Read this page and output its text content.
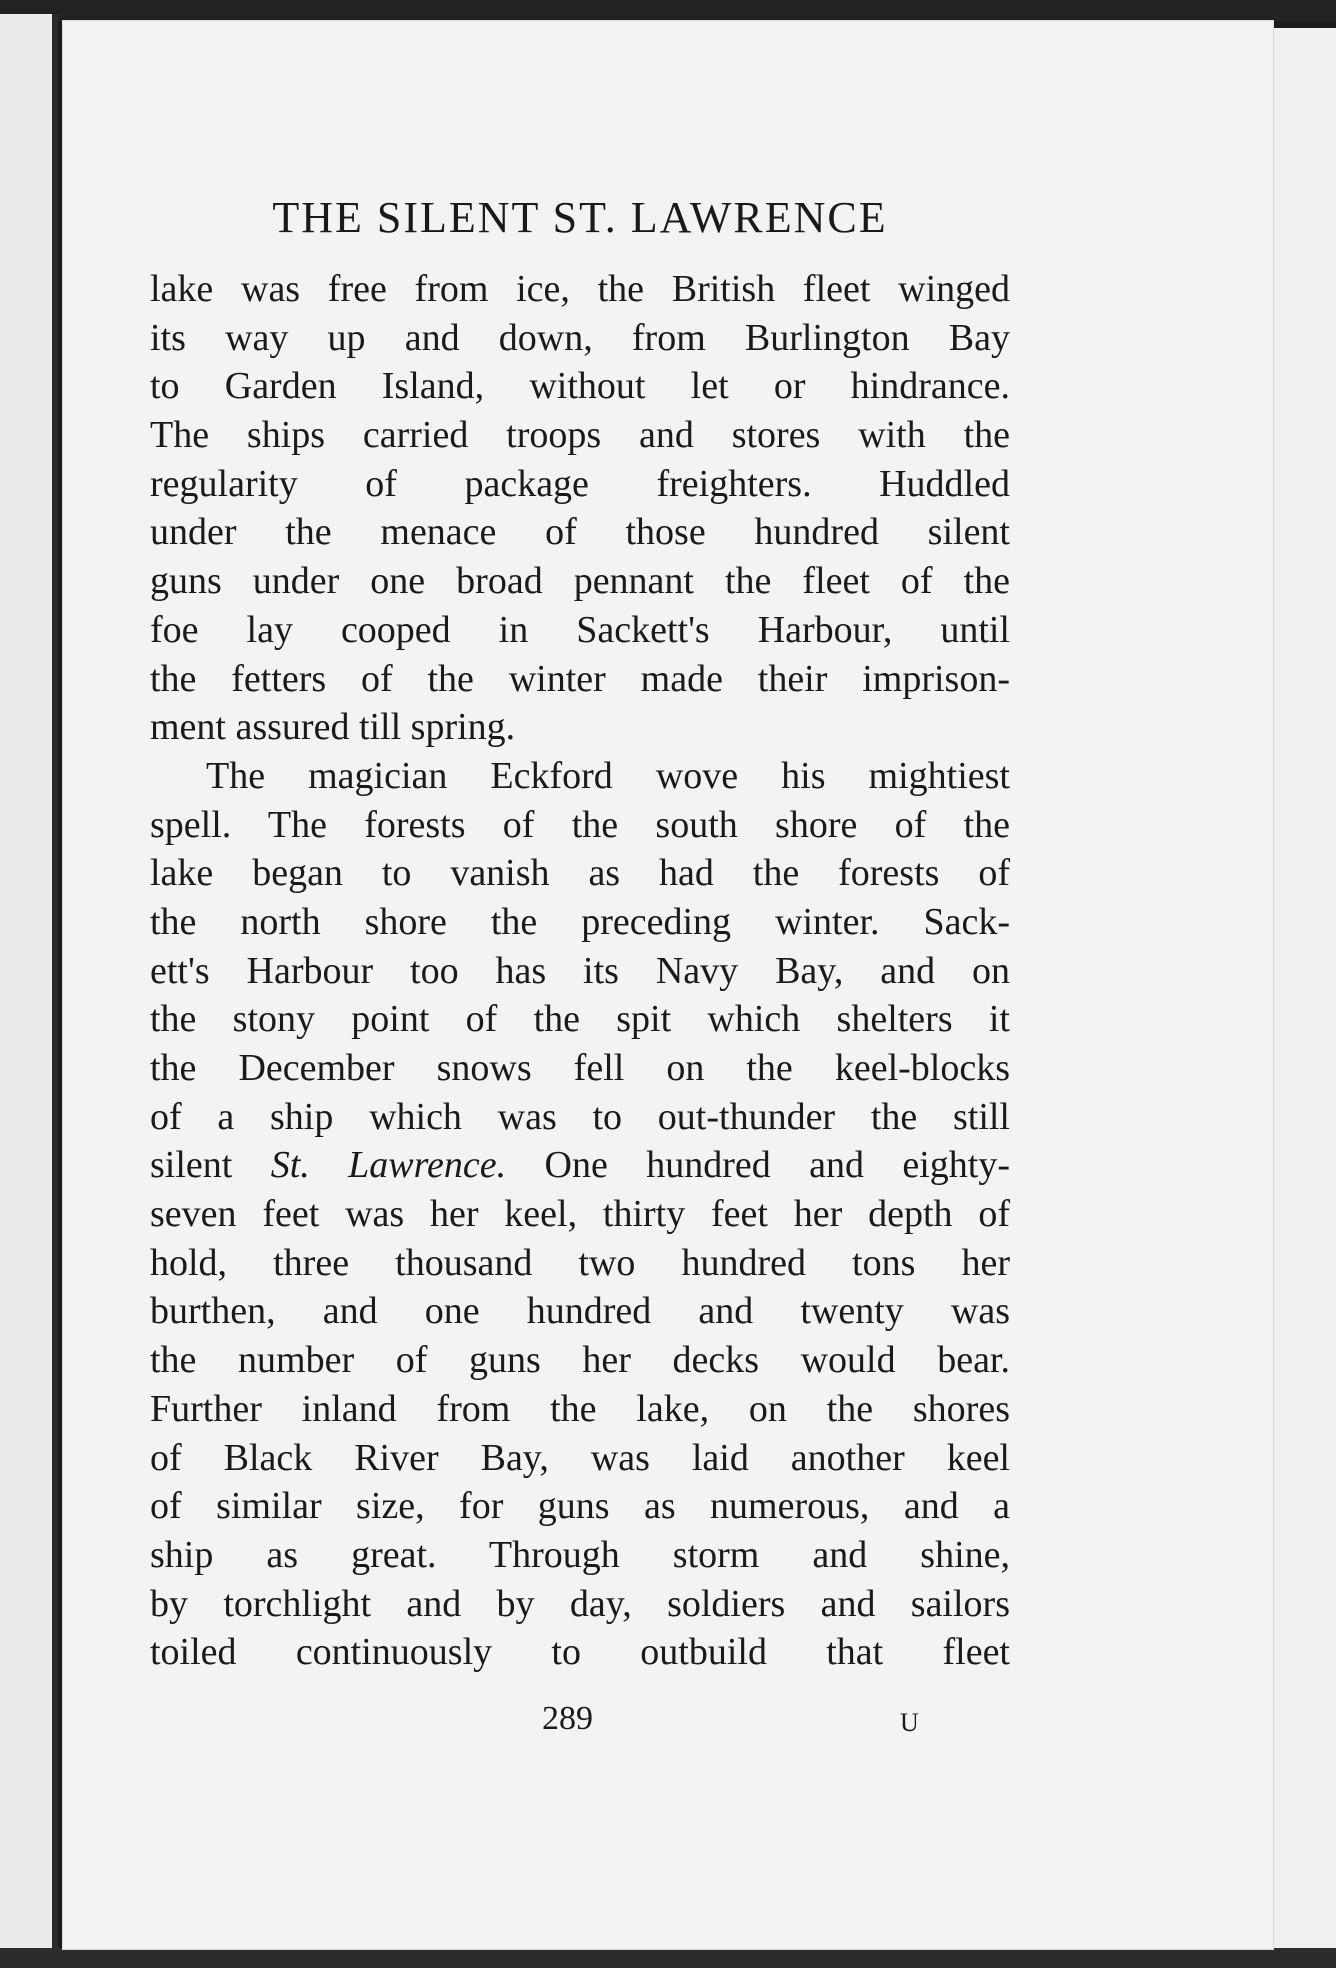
THE SILENT ST. LAWRENCE
lake was free from ice, the British fleet winged
its way up and down, from Burlington Bay
to Garden Island, without let or hindrance.
The ships carried troops and stores with the
regularity of package freighters. Huddled
under the menace of those hundred silent
guns under one broad pennant the fleet of the
foe lay cooped in Sackett's Harbour, until
the fetters of the winter made their imprison-
ment assured till spring.
The magician Eckford wove his mightiest
spell. The forests of the south shore of the
lake began to vanish as had the forests of
the north shore the preceding winter. Sack-
ett's Harbour too has its Navy Bay, and on
the stony point of the spit which shelters it
the December snows fell on the keel-blocks
of a ship which was to out-thunder the still
silent St. Lawrence. One hundred and eighty-
seven feet was her keel, thirty feet her depth of
hold, three thousand two hundred tons her
burthen, and one hundred and twenty was
the number of guns her decks would bear.
Further inland from the lake, on the shores
of Black River Bay, was laid another keel
of similar size, for guns as numerous, and a
ship as great. Through storm and shine,
by torchlight and by day, soldiers and sailors
toiled continuously to outbuild that fleet
289	U
